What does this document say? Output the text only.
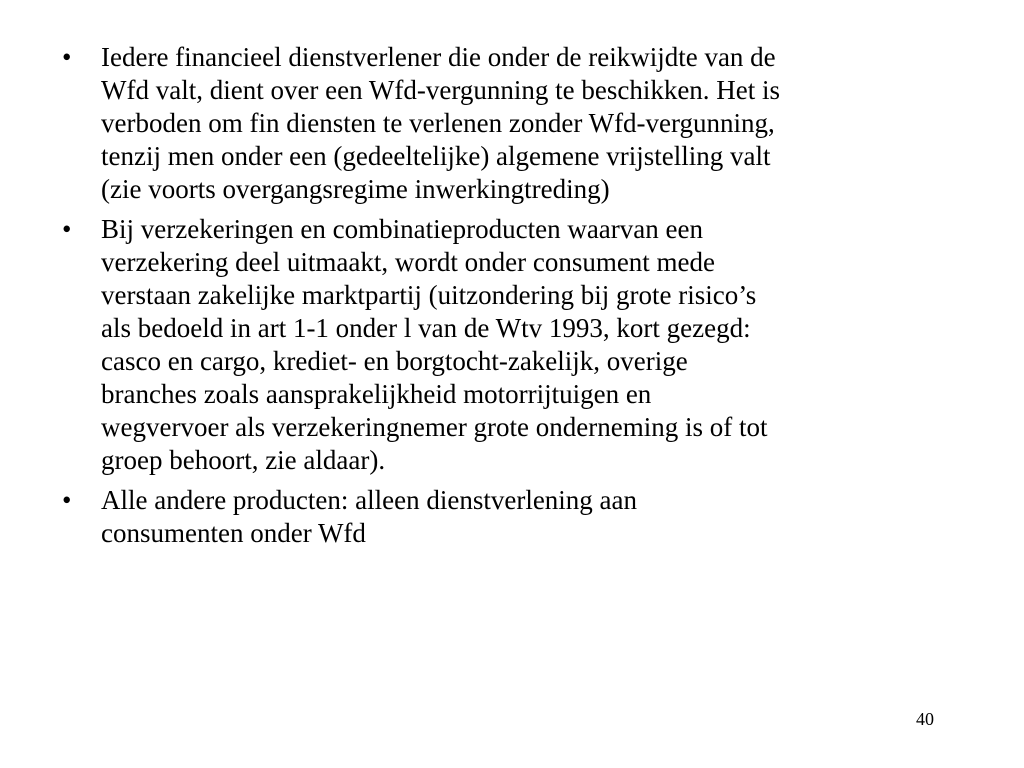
• Iedere financieel dienstverlener die onder de reikwijdte van de
Wfd valt, dient over een Wfd-vergunning te beschikken. Het is
verboden om fin diensten te verlenen zonder Wfd-vergunning,
tenzij men onder een (gedeeltelijke) algemene vrijstelling valt
(zie voorts overgangsregime inwerkingtreding)
• Bij verzekeringen en combinatieproducten waarvan een
verzekering deel uitmaakt, wordt onder consument mede
verstaan zakelijke marktpartij (uitzondering bij grote risico’s
als bedoeld in art 1-1 onder l van de Wtv 1993, kort gezegd:
casco en cargo, krediet- en borgtocht-zakelijk, overige
branches zoals aansprakelijkheid motorrijtuigen en
wegvervoer als verzekeringnemer grote onderneming is of tot
groep behoort, zie aldaar).
• Alle andere producten: alleen dienstverlening aan
consumenten onder Wfd
40
